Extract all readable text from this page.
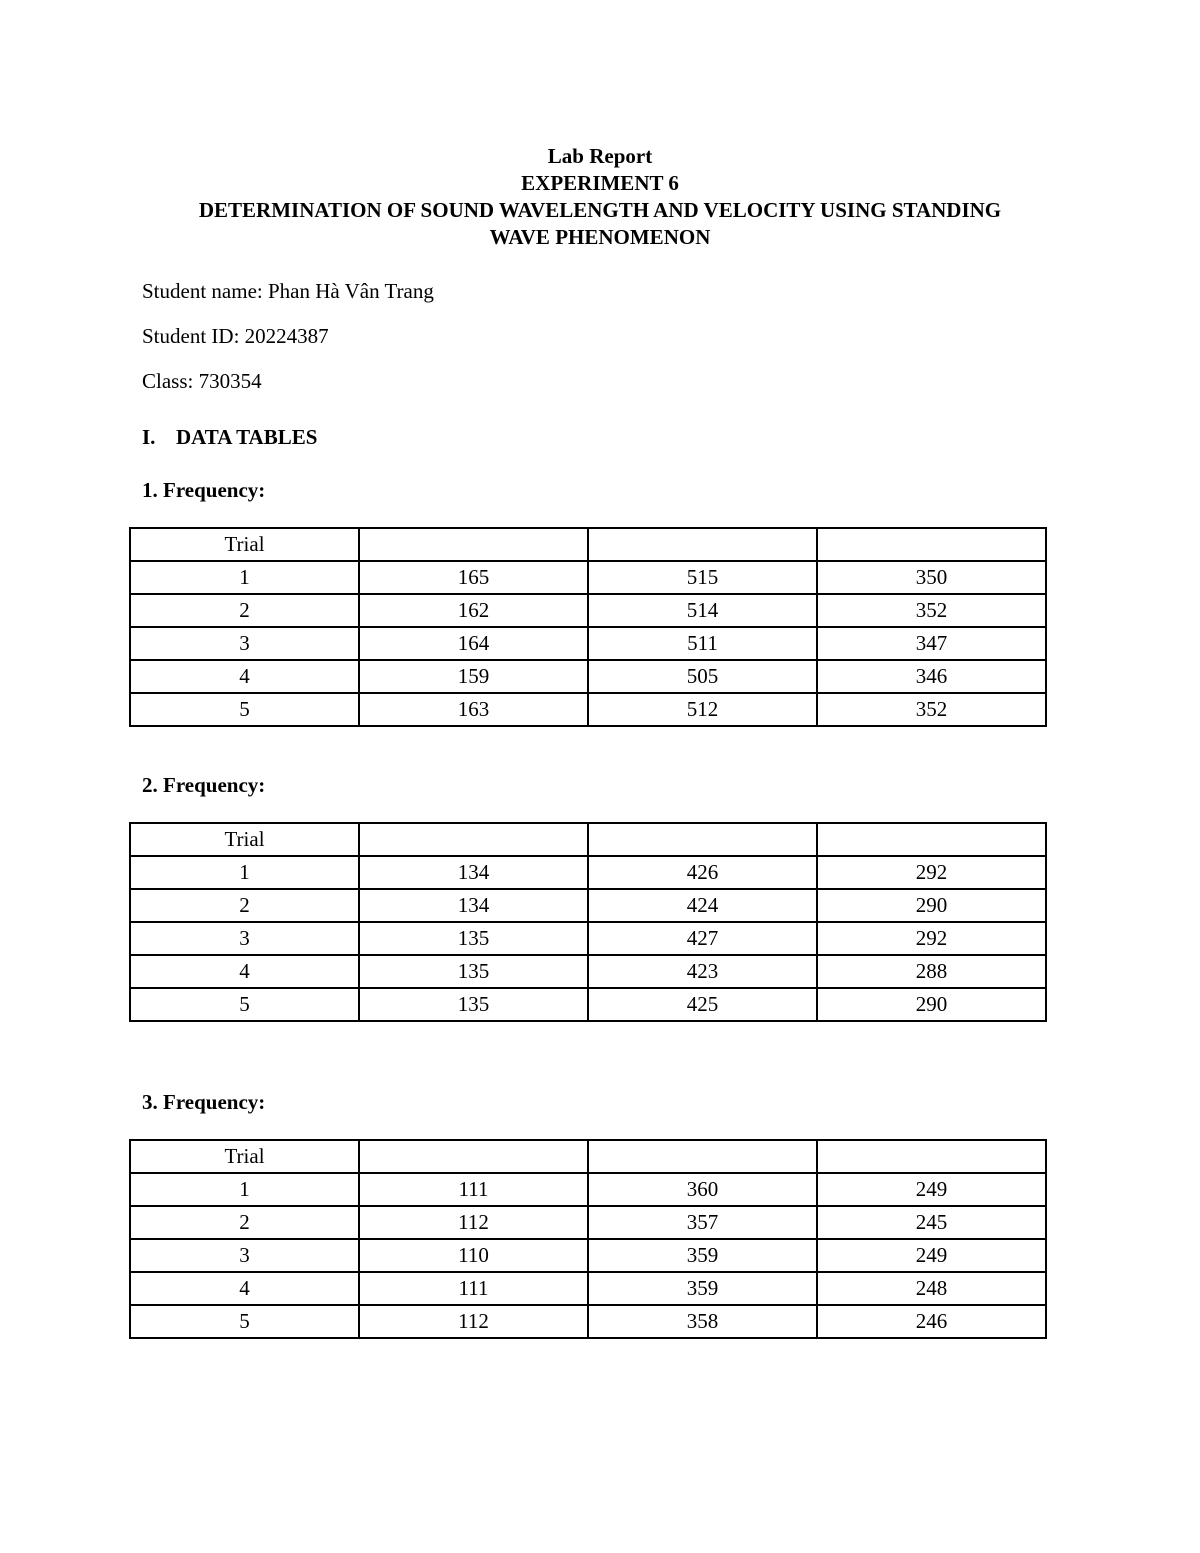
Lab Report
EXPERIMENT 6
DETERMINATION OF SOUND WAVELENGTH AND VELOCITY USING STANDING
WAVE PHENOMENON
Student name: Phan Hà Vân Trang
Student ID: 20224387
Class: 730354
I. DATA TABLES
1. Frequency:
Trial			
1	165	515	350
2	162	514	352
3	164	511	347
4	159	505	346
5	163	512	352
2. Frequency:
Trial			
1	134	426	292
2	134	424	290
3	135	427	292
4	135	423	288
5	135	425	290
3. Frequency:
Trial			
1	111	360	249
2	112	357	245
3	110	359	249
4	111	359	248
5	112	358	246
